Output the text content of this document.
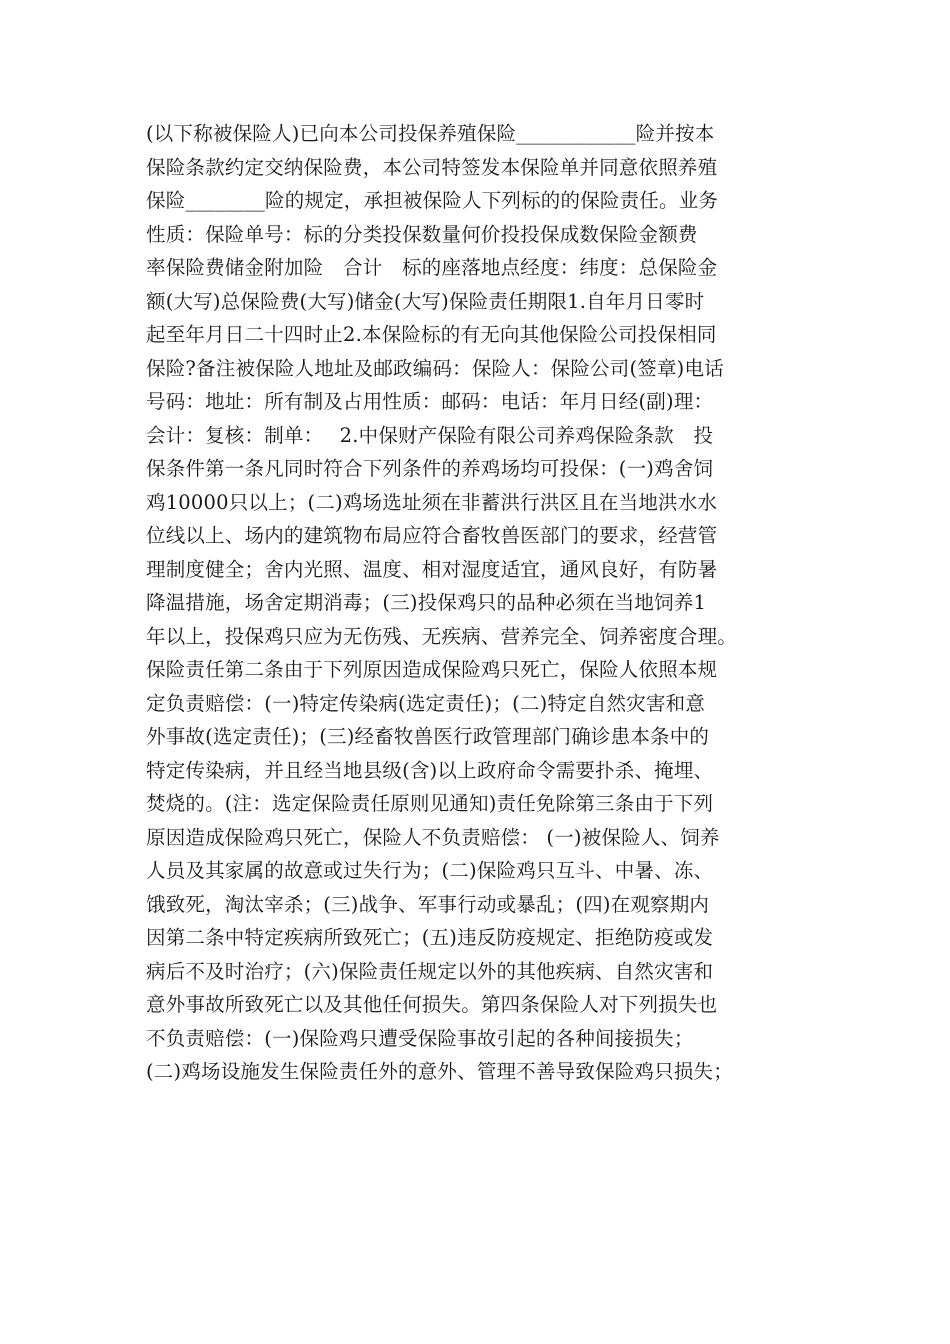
(以下称被保险人)已向本公司投保养殖保险____________险并按本
保险条款约定交纳保险费，本公司特签发本保险单并同意依照养殖
保险________险的规定，承担被保险人下列标的的保险责任。业务
性质：保险单号：标的分类投保数量何价投投保成数保险金额费
率保险费储金附加险　合计　标的座落地点经度：纬度：总保险金
额(大写)总保险费(大写)储金(大写)保险责任期限1.自年月日零时
起至年月日二十四时止2.本保险标的有无向其他保险公司投保相同
保险?备注被保险人地址及邮政编码：保险人：保险公司(签章)电话
号码：地址：所有制及占用性质：邮码：电话：年月日经(副)理：
会计：复核：制单：　 2.中保财产保险有限公司养鸡保险条款　投
保条件第一条凡同时符合下列条件的养鸡场均可投保：(一)鸡舍饲
鸡10000只以上；(二)鸡场选址须在非蓄洪行洪区且在当地洪水水
位线以上、场内的建筑物布局应符合畜牧兽医部门的要求，经营管
理制度健全；舍内光照、温度、相对湿度适宜，通风良好，有防暑
降温措施，场舍定期消毒；(三)投保鸡只的品种必须在当地饲养1
年以上，投保鸡只应为无伤残、无疾病、营养完全、饲养密度合理。
保险责任第二条由于下列原因造成保险鸡只死亡，保险人依照本规
定负责赔偿：(一)特定传染病(选定责任)；(二)特定自然灾害和意
外事故(选定责任)；(三)经畜牧兽医行政管理部门确诊患本条中的
特定传染病，并且经当地县级(含)以上政府命令需要扑杀、掩埋、
焚烧的。(注：选定保险责任原则见通知)责任免除第三条由于下列
原因造成保险鸡只死亡，保险人不负责赔偿： (一)被保险人、饲养
人员及其家属的故意或过失行为；(二)保险鸡只互斗、中暑、冻、
饿致死，淘汰宰杀；(三)战争、军事行动或暴乱；(四)在观察期内
因第二条中特定疾病所致死亡；(五)违反防疫规定、拒绝防疫或发
病后不及时治疗；(六)保险责任规定以外的其他疾病、自然灾害和
意外事故所致死亡以及其他任何损失。第四条保险人对下列损失也
不负责赔偿：(一)保险鸡只遭受保险事故引起的各种间接损失；
(二)鸡场设施发生保险责任外的意外、管理不善导致保险鸡只损失；
